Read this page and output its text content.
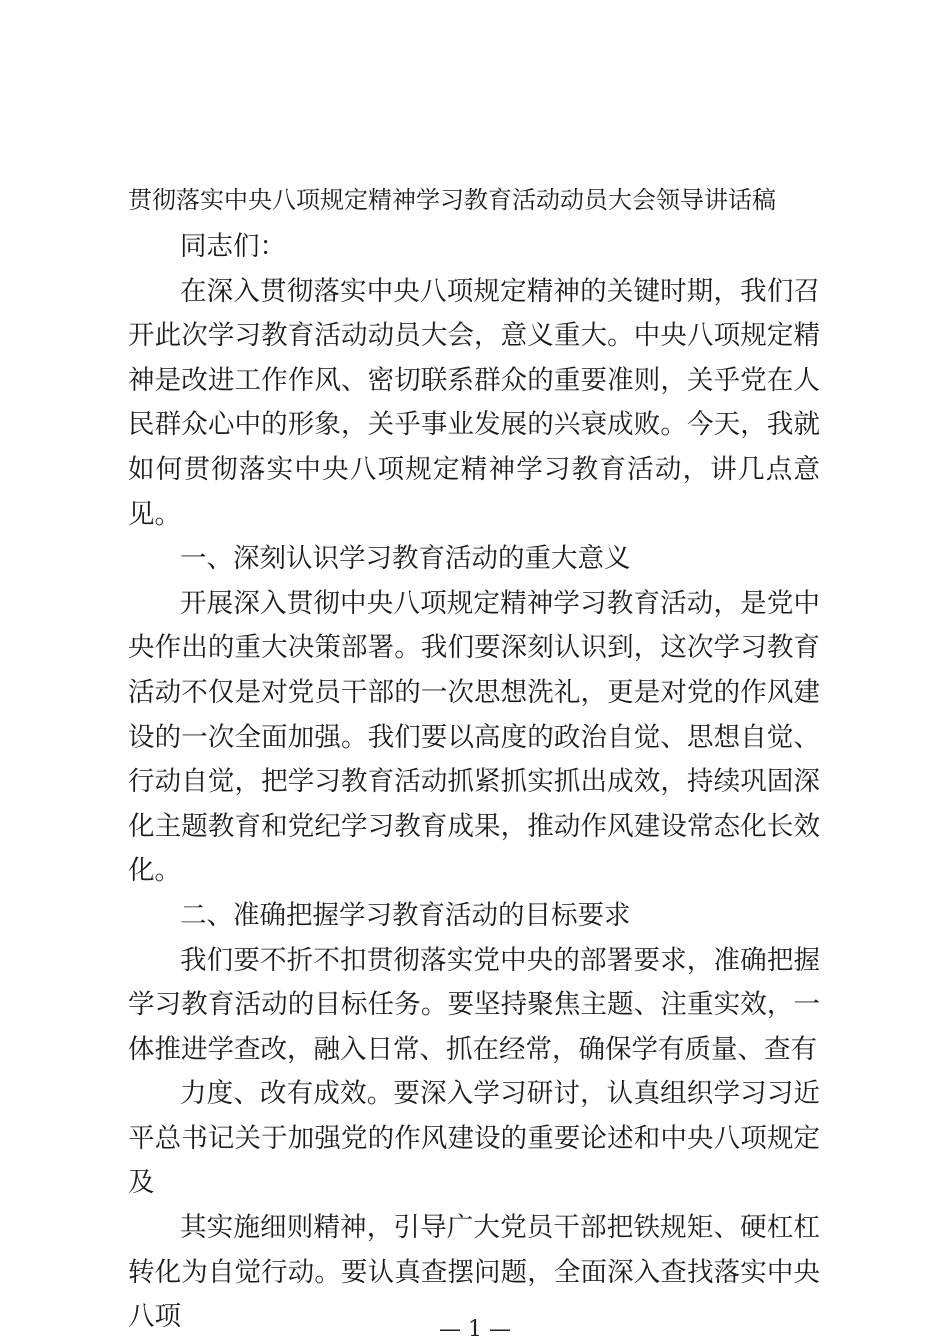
贯彻落实中央八项规定精神学习教育活动动员大会领导讲话稿

同志们：

在深入贯彻落实中央八项规定精神的关键时期，我们召开此次学习教育活动动员大会，意义重大。中央八项规定精神是改进工作作风、密切联系群众的重要准则，关乎党在人民群众心中的形象，关乎事业发展的兴衰成败。今天，我就如何贯彻落实中央八项规定精神学习教育活动，讲几点意见。

一、深刻认识学习教育活动的重大意义

开展深入贯彻中央八项规定精神学习教育活动，是党中央作出的重大决策部署。我们要深刻认识到，这次学习教育活动不仅是对党员干部的一次思想洗礼，更是对党的作风建设的一次全面加强。我们要以高度的政治自觉、思想自觉、行动自觉，把学习教育活动抓紧抓实抓出成效，持续巩固深化主题教育和党纪学习教育成果，推动作风建设常态化长效化。

二、准确把握学习教育活动的目标要求

我们要不折不扣贯彻落实党中央的部署要求，准确把握学习教育活动的目标任务。要坚持聚焦主题、注重实效，一体推进学查改，融入日常、抓在经常，确保学有质量、查有

力度、改有成效。要深入学习研讨，认真组织学习习近平总书记关于加强党的作风建设的重要论述和中央八项规定及

其实施细则精神，引导广大党员干部把铁规矩、硬杠杠转化为自觉行动。要认真查摆问题，全面深入查找落实中央八项	— 1 —
